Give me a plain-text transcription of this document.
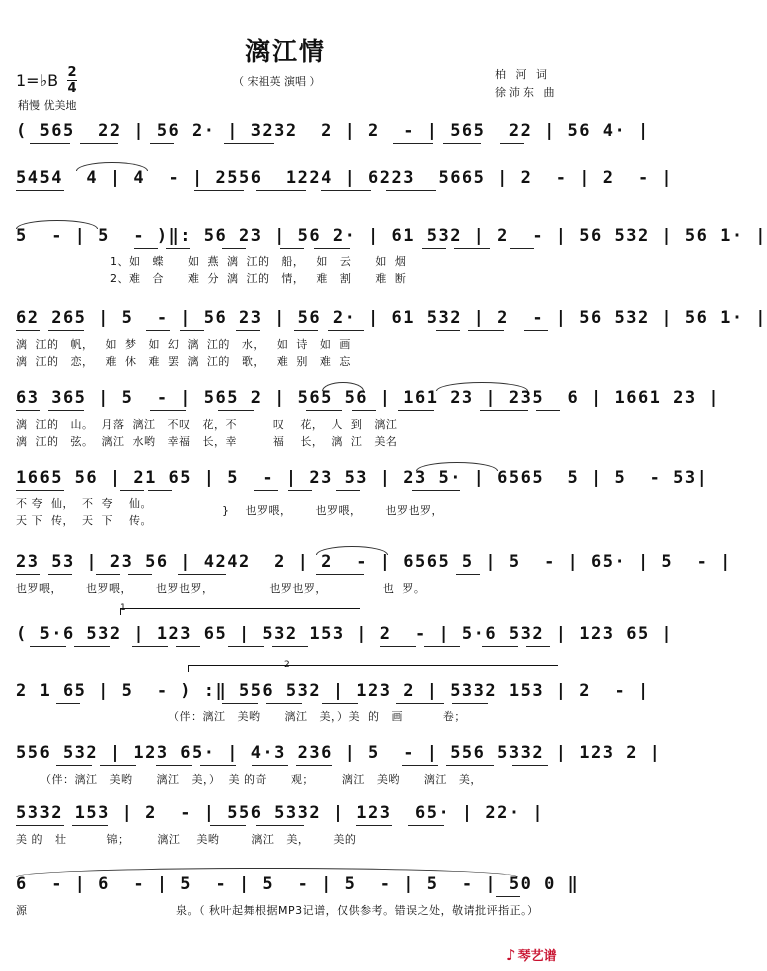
漓江情
（ 宋祖英 演唱 ）
柏 河 词
徐沛东 曲
1=♭B 2
4
稍慢 优美地
( 565  22 | 56 2· | 3232  2 | 2  - | 565  22 | 56 4· |
5454  4 | 4  - | 2556  1224 | 6223  5665 | 2  - | 2  - |
5  - | 5  - )‖: 56 23 | 56 2· | 61 532 | 2  - | 56 532 | 56 1· |
1、如   蝶      如  燕  漓  江的   船，   如   云      如  烟
2、难   合      难  分  漓  江的   情，   难   割      难  断
62 265 | 5  - | 56 23 | 56 2· | 61 532 | 2  - | 56 532 | 56 1· |
漓  江的   帆，   如  梦   如  幻  漓  江的   水，   如  诗   如  画
漓  江的   恋，   难  休   难  罢  漓  江的   歌，   难  别   难  忘
63 365 | 5  - | 565 2 | 565 56 | 161 23 | 235  6 | 1661 23 |
漓  江的   山。  月落  漓江   不叹   花，不         叹    花，  人  到   漓江
漓  江的   弦。  漓江  水哟   幸福   长，幸         福    长，  漓  江   美名
1665 56 | 21 65 | 5  - | 23 53 | 23 5· | 6565  5 | 5  - 53|
不 夸  仙，  不  夸    仙。
天 下  传，  天  下    传。
}    也罗喂，      也罗喂，      也罗也罗，
23 53 | 23 56 | 4242  2 | 2  - | 6565 5 | 5  - | 65· | 5  - |
也罗喂，      也罗喂，      也罗也罗，              也罗也罗，              也  罗。
1
( 5·6 532 | 123 65 | 532 153 | 2  - | 5·6 532 | 123 65 |
2
2 1 65 | 5  - ) :‖ 556 532 | 123 2 | 5332 153 | 2  - |
（伴：漓江   美哟      漓江   美，）美  的   画          卷；
556 532 | 123 65· | 4·3 236 | 5  - | 556 5332 | 123 2 |
（伴：漓江   美哟      漓江   美，）  美 的奇      观；       漓江   美哟      漓江   美，
5332 153 | 2  - | 556 5332 | 123  65· | 22· |
美 的   壮          锦；       漓江    美哟        漓江   美，      美的
6  - | 6  - | 5  - | 5  - | 5  - | 5  - | 50 0 ‖
源	泉。（ 秋叶起舞根据MP3记谱，仅供参考。错误之处，敬请批评指正。）
♪ 琴艺谱
